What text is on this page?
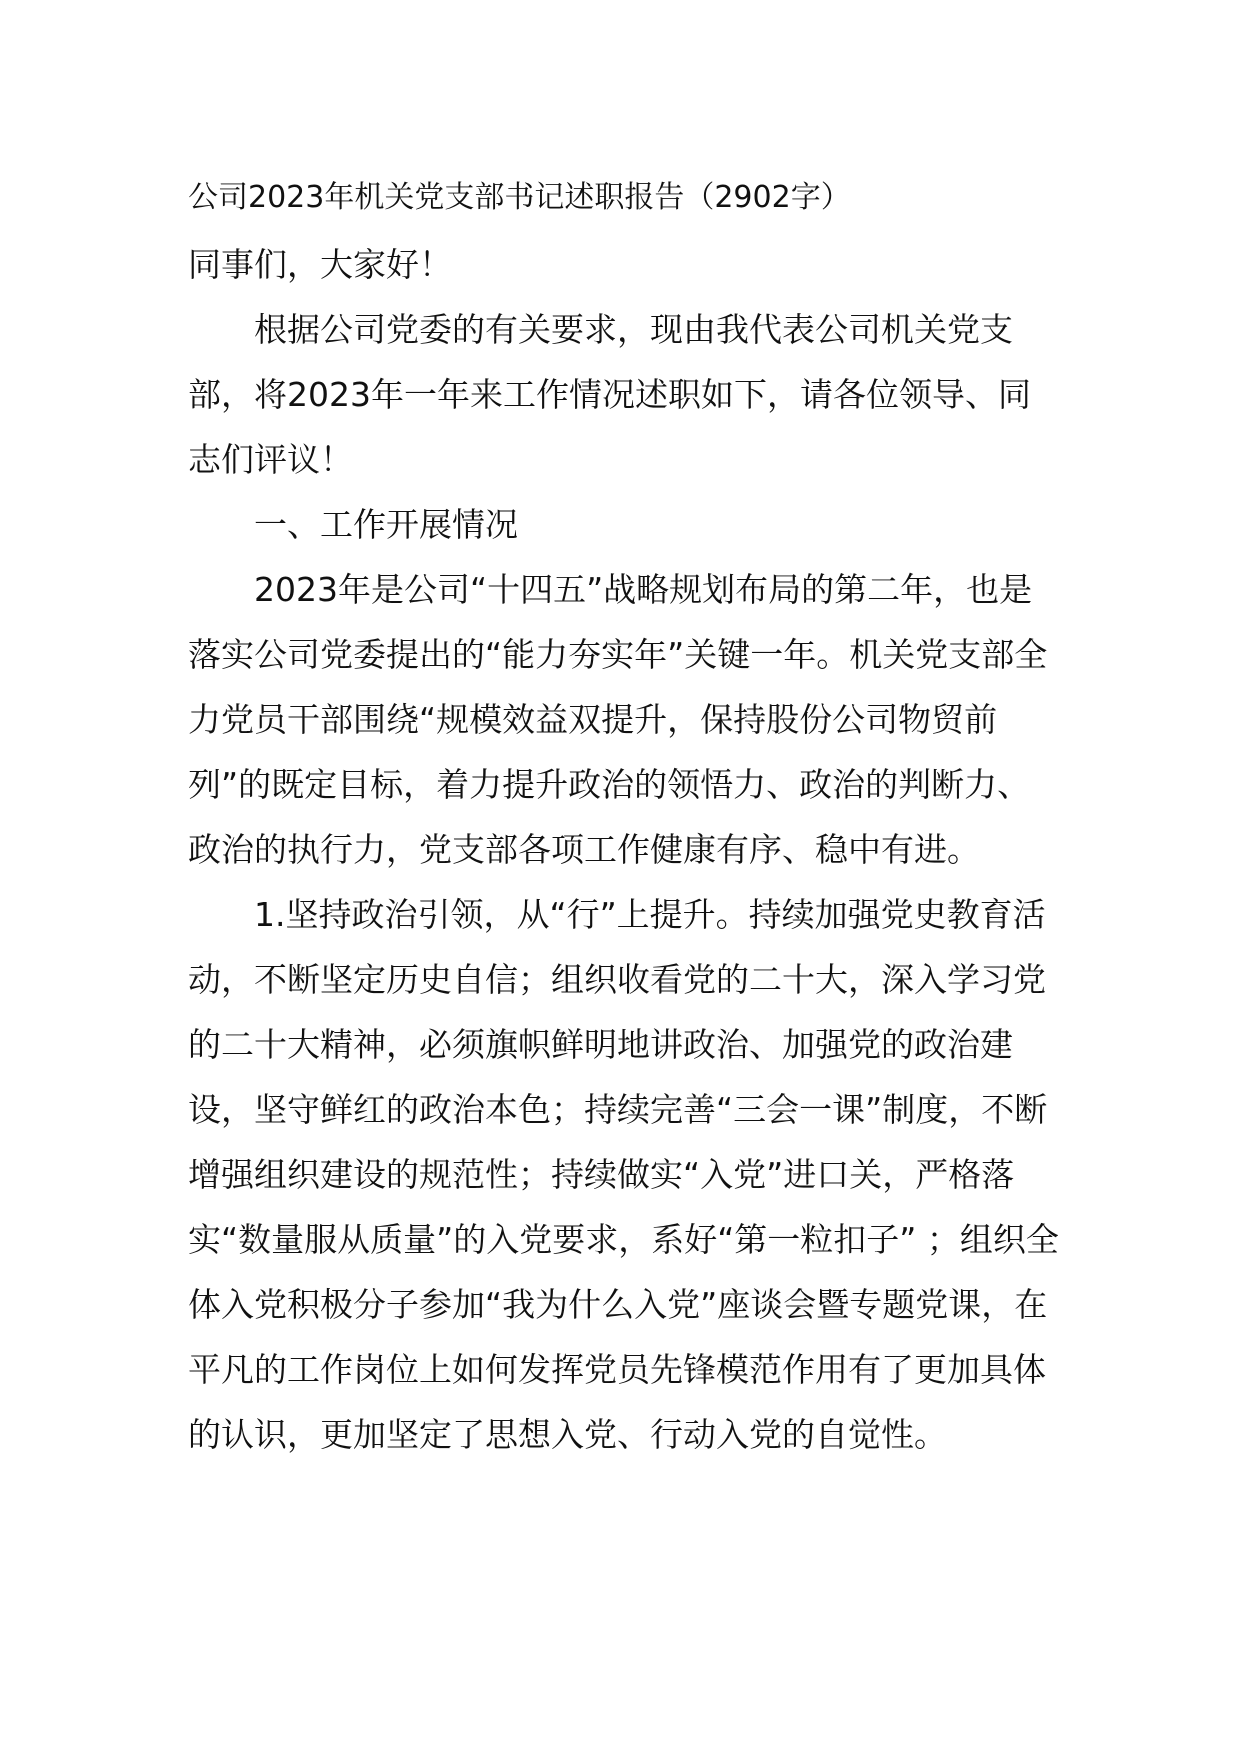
公司2023年机关党支部书记述职报告（2902字）

同事们，大家好！

根据公司党委的有关要求，现由我代表公司机关党支部，将2023年一年来工作情况述职如下，请各位领导、同志们评议！

一、工作开展情况

2023年是公司“十四五”战略规划布局的第二年，也是落实公司党委提出的“能力夯实年”关键一年。机关党支部全力党员干部围绕“规模效益双提升，保持股份公司物贸前列”的既定目标，着力提升政治的领悟力、政治的判断力、政治的执行力，党支部各项工作健康有序、稳中有进。

1.坚持政治引领，从“行”上提升。持续加强党史教育活动，不断坚定历史自信；组织收看党的二十大，深入学习党的二十大精神，必须旗帜鲜明地讲政治、加强党的政治建设，坚守鲜红的政治本色；持续完善“三会一课”制度，不断增强组织建设的规范性；持续做实“入党”进口关，严格落实“数量服从质量”的入党要求，系好“第一粒扣子” ；组织全体入党积极分子参加“我为什么入党”座谈会暨专题党课，在平凡的工作岗位上如何发挥党员先锋模范作用有了更加具体的认识，更加坚定了思想入党、行动入党的自觉性。
